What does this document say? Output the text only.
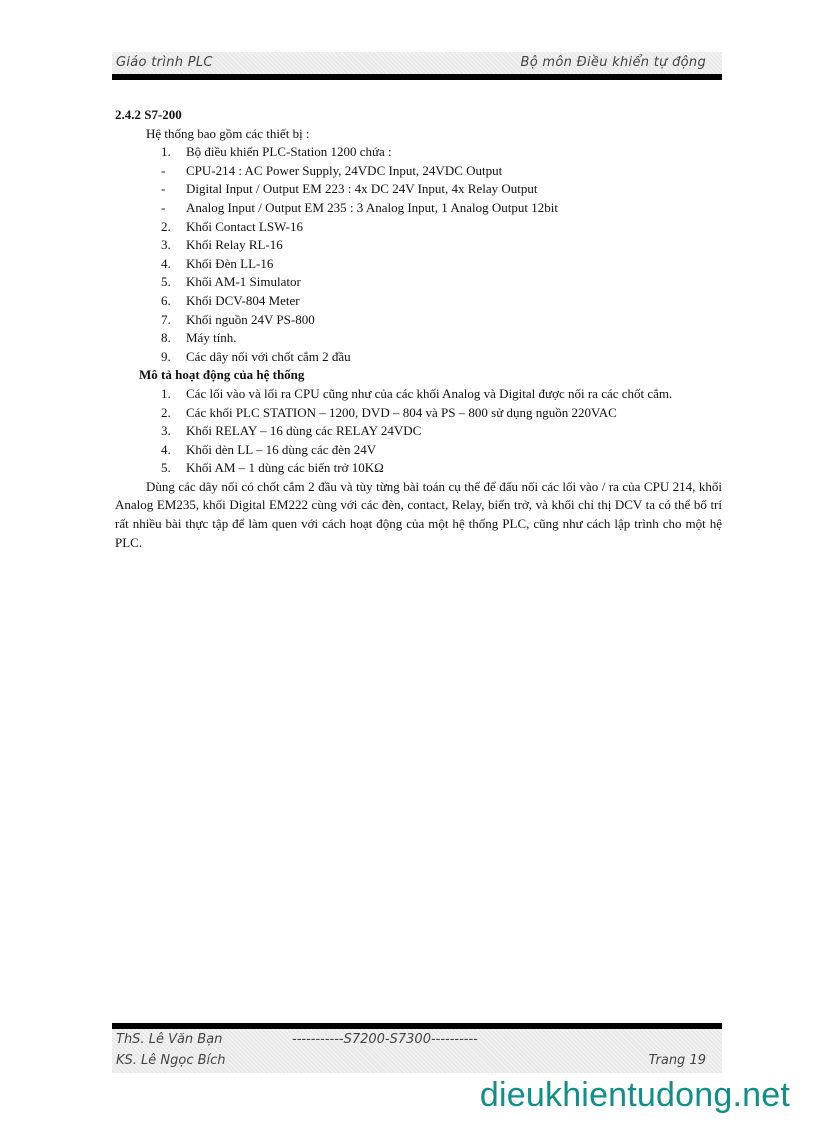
Giáo trình PLC	Bộ môn Điều khiển tự động

2.4.2 S7-200

Hệ thống bao gồm các thiết bị :

1. Bộ điều khiển PLC-Station 1200 chứa :

- CPU-214 : AC Power Supply, 24VDC Input, 24VDC Output

- Digital Input / Output EM 223 : 4x DC 24V Input, 4x Relay Output

- Analog Input / Output EM 235 : 3 Analog Input, 1 Analog Output 12bit

2. Khối Contact LSW-16

3. Khối Relay RL-16

4. Khối Đèn LL-16

5. Khối AM-1 Simulator

6. Khối DCV-804 Meter

7. Khối nguồn 24V PS-800

8. Máy tính.

9. Các dây nối với chốt cắm 2 đầu

Mô tả hoạt động của hệ thống

1. Các lối vào và lối ra CPU cũng như của các khối Analog và Digital được nối ra các chốt cắm.

2. Các khối PLC STATION – 1200, DVD – 804 và PS – 800 sử dụng nguồn 220VAC

3. Khối RELAY – 16 dùng các RELAY 24VDC

4. Khối dèn LL – 16 dùng các đèn 24V

5. Khối AM – 1 dùng các biến trở 10KΩ

Dùng các dây nối có chốt cắm 2 đầu và tùy từng bài toán cụ thể để đấu nối các lối vào / ra của CPU 214, khối Analog EM235, khối Digital EM222 cùng với các đèn, contact, Relay, biến trở, và khối chỉ thị DCV ta có thể bố trí rất nhiều bài thực tập để làm quen với cách hoạt động của một hệ thống PLC, cũng như cách lập trình cho một hệ PLC.

ThS. Lê Văn Bạn	-----------S7200-S7300----------
KS. Lê Ngọc Bích	Trang 19
dieukhientudong.net
